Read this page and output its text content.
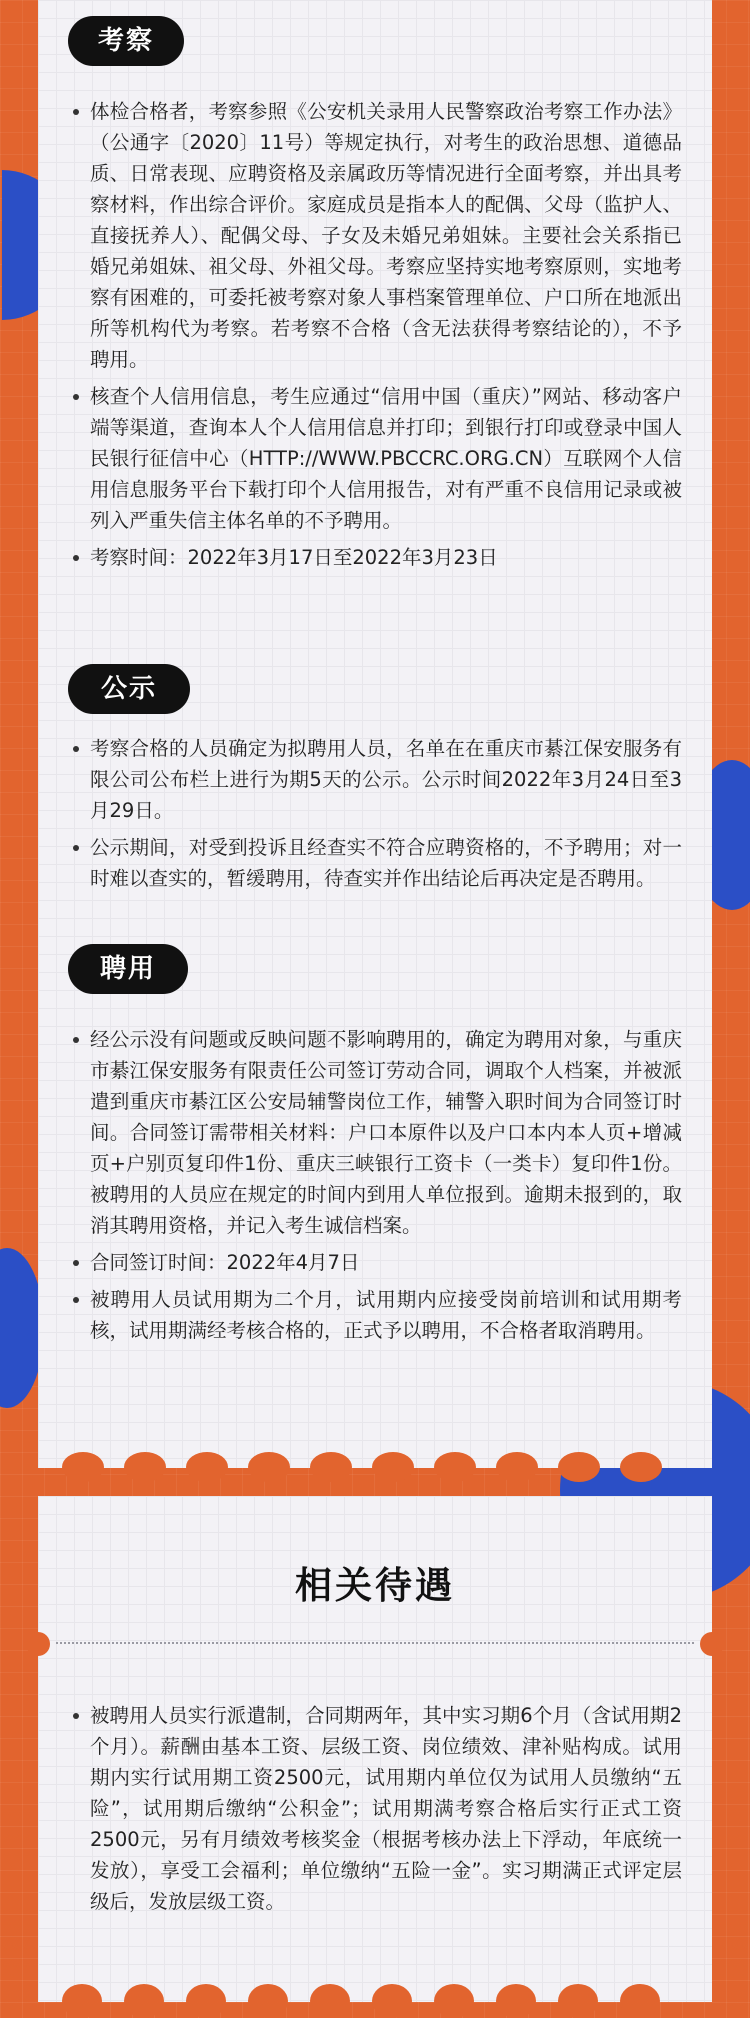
考察
体检合格者，考察参照《公安机关录用人民警察政治考察工作办法》（公通字〔2020〕11号）等规定执行，对考生的政治思想、道德品质、日常表现、应聘资格及亲属政历等情况进行全面考察，并出具考察材料，作出综合评价。家庭成员是指本人的配偶、父母（监护人、直接抚养人）、配偶父母、子女及未婚兄弟姐妹。主要社会关系指已婚兄弟姐妹、祖父母、外祖父母。考察应坚持实地考察原则，实地考察有困难的，可委托被考察对象人事档案管理单位、户口所在地派出所等机构代为考察。若考察不合格（含无法获得考察结论的），不予聘用。
核查个人信用信息，考生应通过“信用中国（重庆）”网站、移动客户端等渠道，查询本人个人信用信息并打印；到银行打印或登录中国人民银行征信中心（HTTP://WWW.PBCCRC.ORG.CN）互联网个人信用信息服务平台下载打印个人信用报告，对有严重不良信用记录或被列入严重失信主体名单的不予聘用。
考察时间：2022年3月17日至2022年3月23日
公示
考察合格的人员确定为拟聘用人员，名单在在重庆市綦江保安服务有限公司公布栏上进行为期5天的公示。公示时间2022年3月24日至3月29日。
公示期间，对受到投诉且经查实不符合应聘资格的，不予聘用；对一时难以查实的，暂缓聘用，待查实并作出结论后再决定是否聘用。
聘用
经公示没有问题或反映问题不影响聘用的，确定为聘用对象，与重庆市綦江保安服务有限责任公司签订劳动合同，调取个人档案，并被派遣到重庆市綦江区公安局辅警岗位工作，辅警入职时间为合同签订时间。合同签订需带相关材料：户口本原件以及户口本内本人页+增减页+户别页复印件1份、重庆三峡银行工资卡（一类卡）复印件1份。被聘用的人员应在规定的时间内到用人单位报到。逾期未报到的，取消其聘用资格，并记入考生诚信档案。
合同签订时间：2022年4月7日
被聘用人员试用期为二个月，试用期内应接受岗前培训和试用期考核，试用期满经考核合格的，正式予以聘用，不合格者取消聘用。
相关待遇
被聘用人员实行派遣制，合同期两年，其中实习期6个月（含试用期2个月）。薪酬由基本工资、层级工资、岗位绩效、津补贴构成。试用期内实行试用期工资2500元，试用期内单位仅为试用人员缴纳“五险”，试用期后缴纳“公积金”；试用期满考察合格后实行正式工资2500元，另有月绩效考核奖金（根据考核办法上下浮动，年底统一发放），享受工会福利；单位缴纳“五险一金”。实习期满正式评定层级后，发放层级工资。
